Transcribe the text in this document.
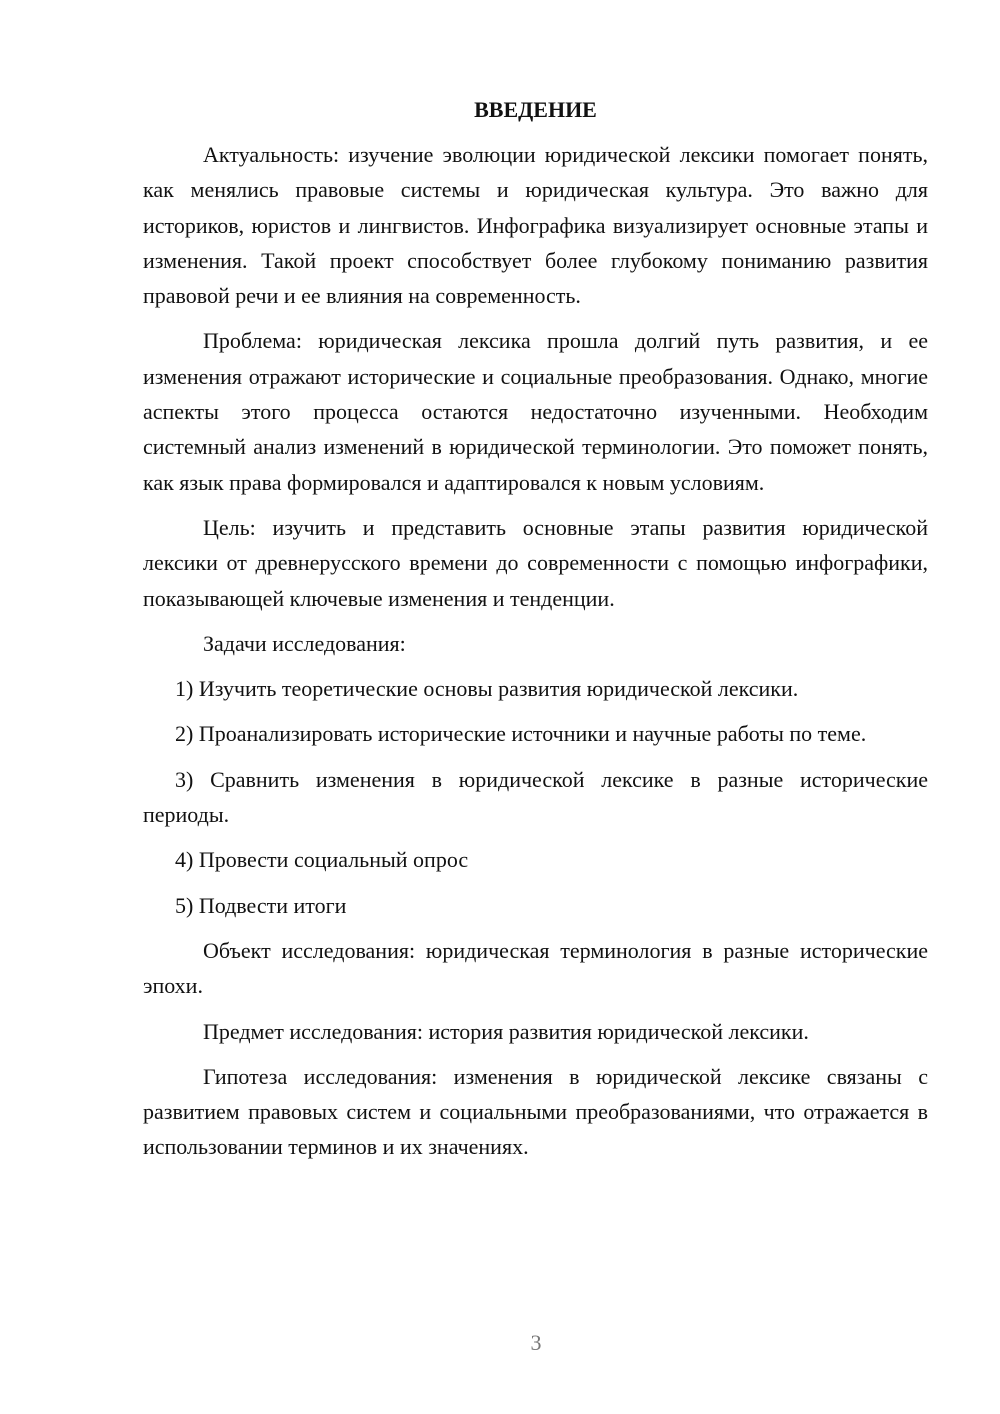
ВВЕДЕНИЕ

Актуальность: изучение эволюции юридической лексики помогает понять, как менялись правовые системы и юридическая культура. Это важно для историков, юристов и лингвистов. Инфографика визуализирует основные этапы и изменения. Такой проект способствует более глубокому пониманию развития правовой речи и ее влияния на современность.

Проблема: юридическая лексика прошла долгий путь развития, и ее изменения отражают исторические и социальные преобразования. Однако, многие аспекты этого процесса остаются недостаточно изученными. Необходим системный анализ изменений в юридической терминологии. Это поможет понять, как язык права формировался и адаптировался к новым условиям.

Цель: изучить и представить основные этапы развития юридической лексики от древнерусского времени до современности с помощью инфографики, показывающей ключевые изменения и тенденции.

Задачи исследования:

1) Изучить теоретические основы развития юридической лексики.

2) Проанализировать исторические источники и научные работы по теме.

3) Сравнить изменения в юридической лексике в разные исторические периоды.

4) Провести социальный опрос

5) Подвести итоги

Объект исследования: юридическая терминология в разные исторические эпохи.

Предмет исследования: история развития юридической лексики.

Гипотеза исследования: изменения в юридической лексике связаны с развитием правовых систем и социальными преобразованиями, что отражается в использовании терминов и их значениях.

3
